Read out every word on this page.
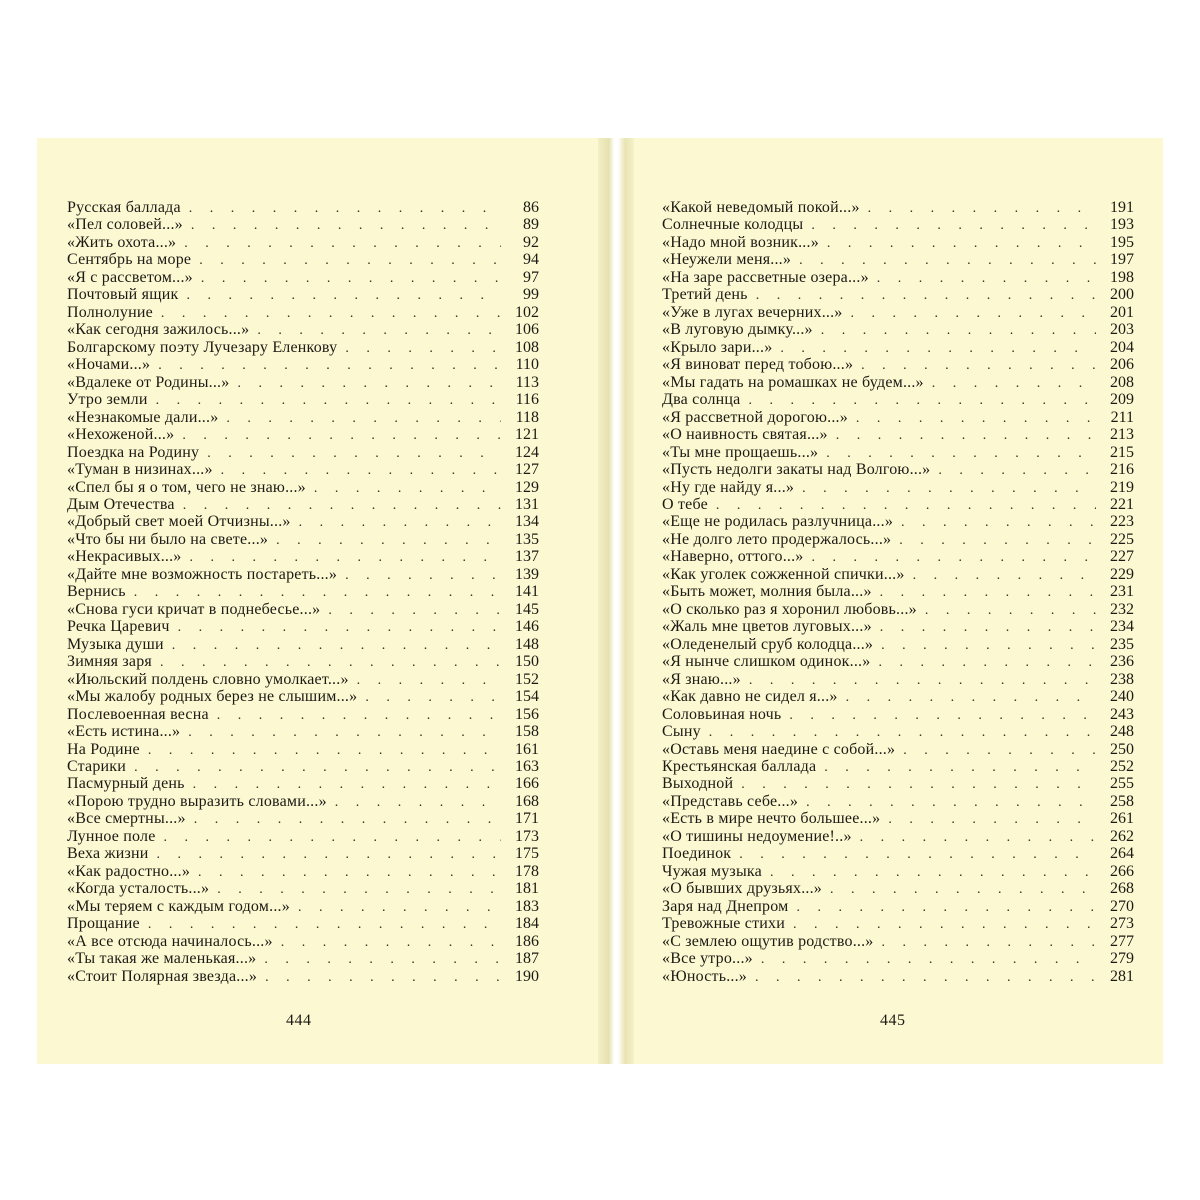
Русская баллада . . .	86
«Пел соловей...» . . .	89
«Жить охота...» . . .	92
Сентябрь на море . . .	94
«Я с рассветом...» . . .	97
Почтовый ящик . . .	99
Полнолуние . . .	102
«Как сегодня зажилось...» . . .	106
Болгарскому поэту Лучезару Еленкову . . .	108
«Ночами...» . . .	110
«Вдалеке от Родины...» . . .	113
Утро земли . . .	116
«Незнакомые дали...» . . .	118
«Нехоженой...» . . .	121
Поездка на Родину . . .	124
«Туман в низинах...» . . .	127
«Спел бы я о том, чего не знаю...» . . .	129
Дым Отечества . . .	131
«Добрый свет моей Отчизны...» . . .	134
«Что бы ни было на свете...» . . .	135
«Некрасивых...» . . .	137
«Дайте мне возможность постареть...» . . .	139
Вернись . . .	141
«Снова гуси кричат в поднебесье...» . . .	145
Речка Царевич . . .	146
Музыка души . . .	148
Зимняя заря . . .	150
«Июльский полдень словно умолкает...» . . .	152
«Мы жалобу родных берез не слышим...» . . .	154
Послевоенная весна . . .	156
«Есть истина...» . . .	158
На Родине . . .	161
Старики . . .	163
Пасмурный день . . .	166
«Порою трудно выразить словами...» . . .	168
«Все смертны...» . . .	171
Лунное поле . . .	173
Веха жизни . . .	175
«Как радостно...» . . .	178
«Когда усталость...» . . .	181
«Мы теряем с каждым годом...» . . .	183
Прощание . . .	184
«А все отсюда начиналось...» . . .	186
«Ты такая же маленькая...» . . .	187
«Стоит Полярная звезда...» . . .	190
444
«Какой неведомый покой...» . . .	191
Солнечные колодцы . . .	193
«Надо мной возник...» . . .	195
«Неужели меня...» . . .	197
«На заре рассветные озера...» . . .	198
Третий день . . .	200
«Уже в лугах вечерних...» . . .	201
«В луговую дымку...» . . .	203
«Крыло зари...» . . .	204
«Я виноват перед тобою...» . . .	206
«Мы гадать на ромашках не будем...» . . .	208
Два солнца . . .	209
«Я рассветной дорогою...» . . .	211
«О наивность святая...» . . .	213
«Ты мне прощаешь...» . . .	215
«Пусть недолги закаты над Волгою...» . . .	216
«Ну где найду я...» . . .	219
О тебе . . .	221
«Еще не родилась разлучница...» . . .	223
«Не долго лето продержалось...» . . .	225
«Наверно, оттого...» . . .	227
«Как уголек сожженной спички...» . . .	229
«Быть может, молния была...» . . .	231
«О сколько раз я хоронил любовь...» . . .	232
«Жаль мне цветов луговых...» . . .	234
«Оледенелый сруб колодца...» . . .	235
«Я нынче слишком одинок...» . . .	236
«Я знаю...» . . .	238
«Как давно не сидел я...» . . .	240
Соловьиная ночь . . .	243
Сыну . . .	248
«Оставь меня наедине с собой...» . . .	250
Крестьянская баллада . . .	252
Выходной . . .	255
«Представь себе...» . . .	258
«Есть в мире нечто большее...» . . .	261
«О тишины недоумение!..» . . .	262
Поединок . . .	264
Чужая музыка . . .	266
«О бывших друзьях...» . . .	268
Заря над Днепром . . .	270
Тревожные стихи . . .	273
«С землею ощутив родство...» . . .	277
«Все утро...» . . .	279
«Юность...» . . .	281
445
